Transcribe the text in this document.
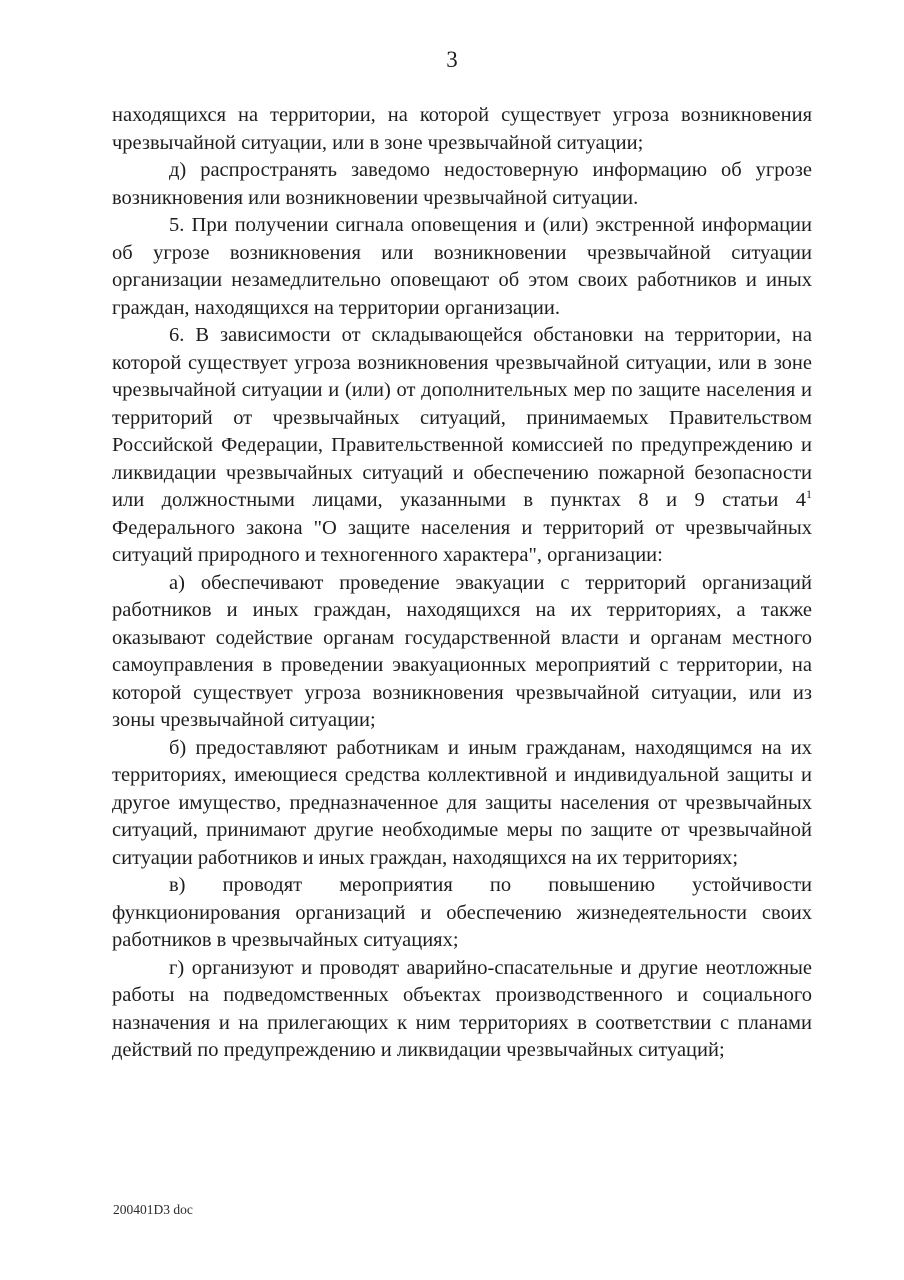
3

находящихся на территории, на которой существует угроза возникновения чрезвычайной ситуации, или в зоне чрезвычайной ситуации;

д) распространять заведомо недостоверную информацию об угрозе возникновения или возникновении чрезвычайной ситуации.

5. При получении сигнала оповещения и (или) экстренной информации об угрозе возникновения или возникновении чрезвычайной ситуации организации незамедлительно оповещают об этом своих работников и иных граждан, находящихся на территории организации.

6. В зависимости от складывающейся обстановки на территории, на которой существует угроза возникновения чрезвычайной ситуации, или в зоне чрезвычайной ситуации и (или) от дополнительных мер по защите населения и территорий от чрезвычайных ситуаций, принимаемых Правительством Российской Федерации, Правительственной комиссией по предупреждению и ликвидации чрезвычайных ситуаций и обеспечению пожарной безопасности или должностными лицами, указанными в пунктах 8 и 9 статьи $4^1$ Федерального закона "О защите населения и территорий от чрезвычайных ситуаций природного и техногенного характера", организации:

а) обеспечивают проведение эвакуации с территорий организаций работников и иных граждан, находящихся на их территориях, а также оказывают содействие органам государственной власти и органам местного самоуправления в проведении эвакуационных мероприятий с территории, на которой существует угроза возникновения чрезвычайной ситуации, или из зоны чрезвычайной ситуации;

б) предоставляют работникам и иным гражданам, находящимся на их территориях, имеющиеся средства коллективной и индивидуальной защиты и другое имущество, предназначенное для защиты населения от чрезвычайных ситуаций, принимают другие необходимые меры по защите от чрезвычайной ситуации работников и иных граждан, находящихся на их территориях;

в) проводят мероприятия по повышению устойчивости функционирования организаций и обеспечению жизнедеятельности своих работников в чрезвычайных ситуациях;

г) организуют и проводят аварийно-спасательные и другие неотложные работы на подведомственных объектах производственного и социального назначения и на прилегающих к ним территориях в соответствии с планами действий по предупреждению и ликвидации чрезвычайных ситуаций;

200401D3 doc
